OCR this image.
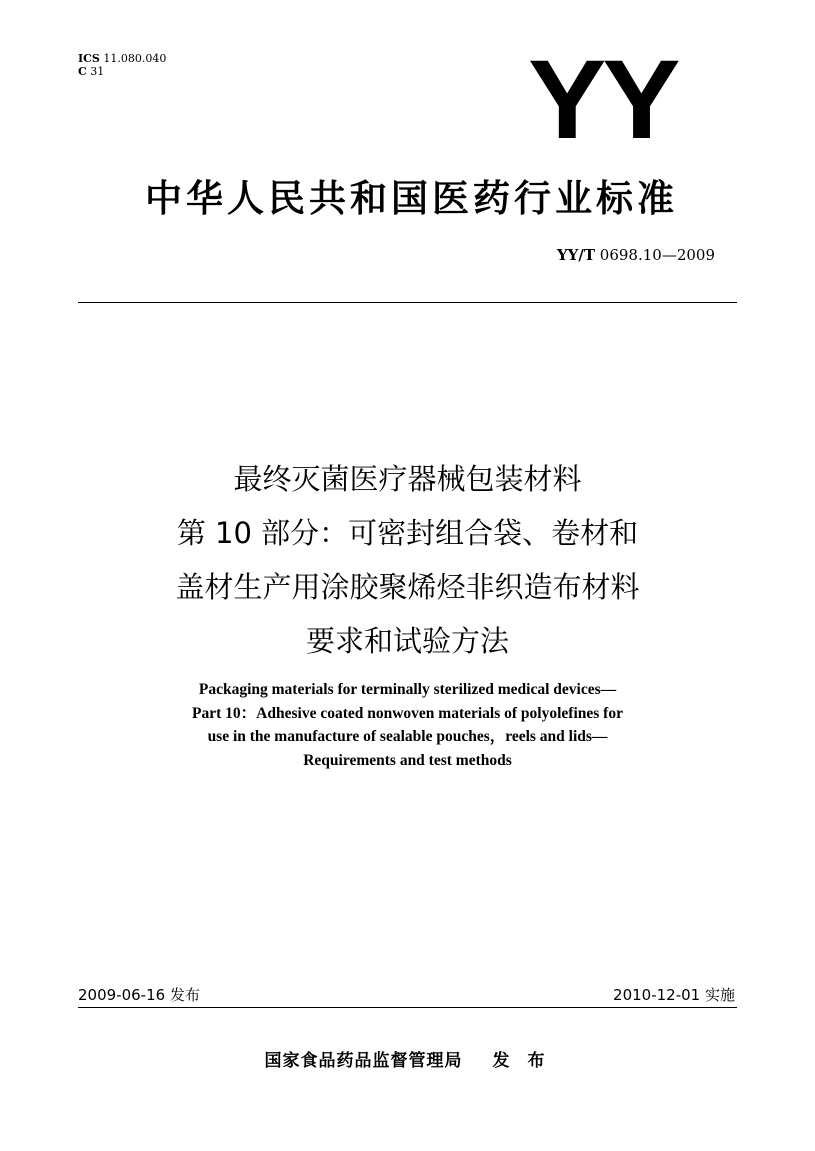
ICS 11.080.040
C 31	YY
中华人民共和国医药行业标准
YY/T 0698.10—2009
最终灭菌医疗器械包装材料
第 10 部分：可密封组合袋、卷材和
盖材生产用涂胶聚烯烃非织造布材料
要求和试验方法
Packaging materials for terminally sterilized medical devices—
Part 10：Adhesive coated nonwoven materials of polyolefines for
use in the manufacture of sealable pouches，reels and lids—
Requirements and test methods
2009-06-16 发布	2010-12-01 实施
国家食品药品监督管理局 发 布
